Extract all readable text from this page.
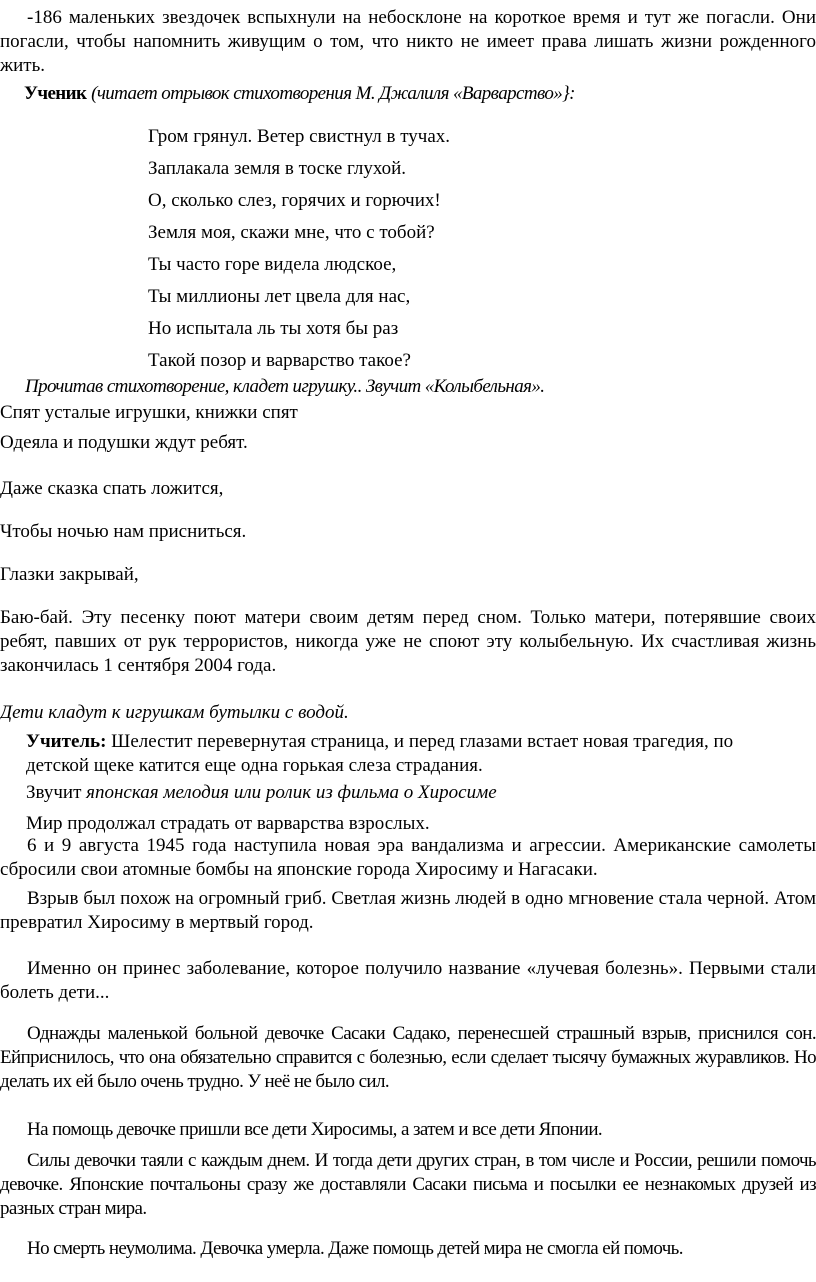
-186 маленьких звездочек вспыхнули на небосклоне на короткое время и тут же погасли. Они погасли, чтобы напомнить живущим о том, что никто не имеет права лишать жизни рожденного жить.

Ученик (читает отрывок стихотворения М. Джалиля «Варварство»}:

Гром грянул. Ветер свистнул в тучах.
Заплакала земля в тоске глухой.
О, сколько слез, горячих и горючих!
Земля моя, скажи мне, что с тобой?
Ты часто горе видела людское,
Ты миллионы лет цвела для нас,
Но испытала ль ты хотя бы раз
Такой позор и варварство такое?

Прочитав стихотворение, кладет игрушку.. Звучит «Колыбельная».

Спят усталые игрушки, книжки спят

Одеяла и подушки ждут ребят.

Даже сказка спать ложится,

Чтобы ночью нам присниться.

Глазки закрывай,

Баю-бай. Эту песенку поют матери своим детям перед сном. Только матери, потерявшие своих ребят, павших от рук террористов, никогда уже не споют эту колыбельную. Их счастливая жизнь закончилась 1 сентября 2004 года.

Дети кладут к игрушкам бутылки с водой.

Учитель: Шелестит перевернутая страница, и перед глазами встает новая трагедия, по

детской щеке катится еще одна горькая слеза страдания.

Звучит японская мелодия или ролик из фильма о Хиросиме

Мир продолжал страдать от варварства взрослых.

6 и 9 августа 1945 года наступила новая эра вандализма и агрессии. Американские самолеты сбросили свои атомные бомбы на японские города Хиросиму и Нагасаки.

Взрыв был похож на огромный гриб. Светлая жизнь людей в одно мгновение стала черной. Атом превратил Хиросиму в мертвый город.

Именно он принес заболевание, которое получило название «лучевая болезнь». Первыми стали болеть дети...

Однажды маленькой больной девочке Сасаки Садако, перенесшей страшный взрыв, приснился сон. Ейприснилось, что она обязательно справится с болезнью, если сделает тысячу бумажных журавликов. Но делать их ей было очень трудно. У неё не было сил.

На помощь девочке пришли все дети Хиросимы, а затем и все дети Японии.

Силы девочки таяли с каждым днем. И тогда дети других стран, в том числе и России, решили помочь девочке. Японские почтальоны сразу же доставляли Сасаки письма и посылки ее незнакомых друзей из разных стран мира.

Но смерть неумолима. Девочка умерла. Даже помощь детей мира не смогла ей помочь.
